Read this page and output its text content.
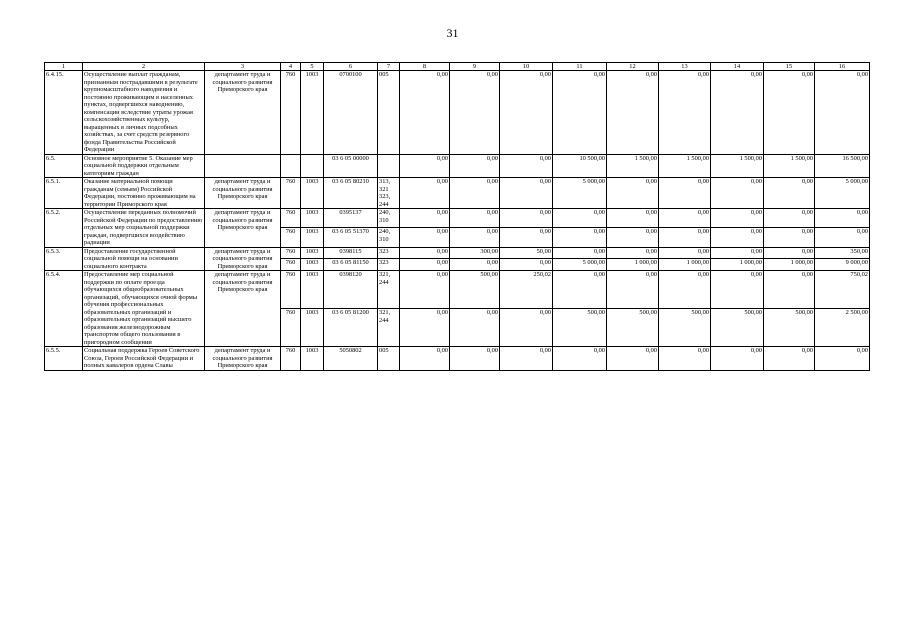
31
1	2	3	4	5	6	7	8	9	10	11	12	13	14	15	16
6.4.15.	Осуществление выплат гражданам, признанным пострадавшими в результате крупномасштабного наводнения и постоянно проживающим в населенных пунктах, подвергшихся наводнению, компенсации вследствие утраты урожая сельскохозяйственных культур, выращенных в личных подсобных хозяйствах, за счет средств резервного фонда Правительства Российской Федерации	департамент труда и социального развития Приморского края	760	1003	0700100	005	0,00	0,00	0,00	0,00	0,00	0,00	0,00	0,00	0,00
6.5.	Основное мероприятие 5. Оказание мер социальной поддержки отдельным категориям граждан				03 6 05 00000		0,00	0,00	0,00	10 500,00	1 500,00	1 500,00	1 500,00	1 500,00	16 500,00
6.5.1.	Оказание материальной помощи гражданам (семьям) Российской Федерации, постоянно проживающим на территории Приморского края	департамент труда и социального развития Приморского края	760	1003	03 6 05 80210	313, 321 323, 244	0,00	0,00	0,00	5 000,00	0,00	0,00	0,00	0,00	5 000,00
6.5.2.	Осуществление переданных полномочий Российской Федерации по предоставлению отдельных мер социальной поддержки граждан, подвергшихся воздействию радиации	департамент труда и социального развития Приморского края	760	1003	0395137	240, 310	0,00	0,00	0,00	0,00	0,00	0,00	0,00	0,00	0,00
			760	1003	03 6 05 51370	240, 310	0,00	0,00	0,00	0,00	0,00	0,00	0,00	0,00	0,00
6.5.3.	Предоставление государственной социальной помощи на основании социального контракта	департамент труда и социального развития Приморского края	760	1003	0398115	323	0,00	300,00	50,00	0,00	0,00	0,00	0,00	0,00	350,00
			760	1003	03 6 05 81150	323	0,00	0,00	0,00	5 000,00	1 000,00	1 000,00	1 000,00	1 000,00	9 000,00
6.5.4.	Предоставление мер социальной поддержки по оплате проезда обучающихся общеобразовательных организаций, обучающихся очной формы обучения профессиональных образовательных организаций и образовательных организаций высшего образования железнодорожным транспортом общего пользования в пригородном сообщении	департамент труда и социального развития Приморского края	760	1003	0398120	321, 244	0,00	500,00	250,02	0,00	0,00	0,00	0,00	0,00	750,02
			760	1003	03 6 05 81200	321, 244	0,00	0,00	0,00	500,00	500,00	500,00	500,00	500,00	2 500,00
6.5.5.	Социальная поддержка Героев Советского Союза, Героев Российской Федерации и полных кавалеров ордена Славы	департамент труда и социального развития Приморского края	760	1003	5050802	005	0,00	0,00	0,00	0,00	0,00	0,00	0,00	0,00	0,00
